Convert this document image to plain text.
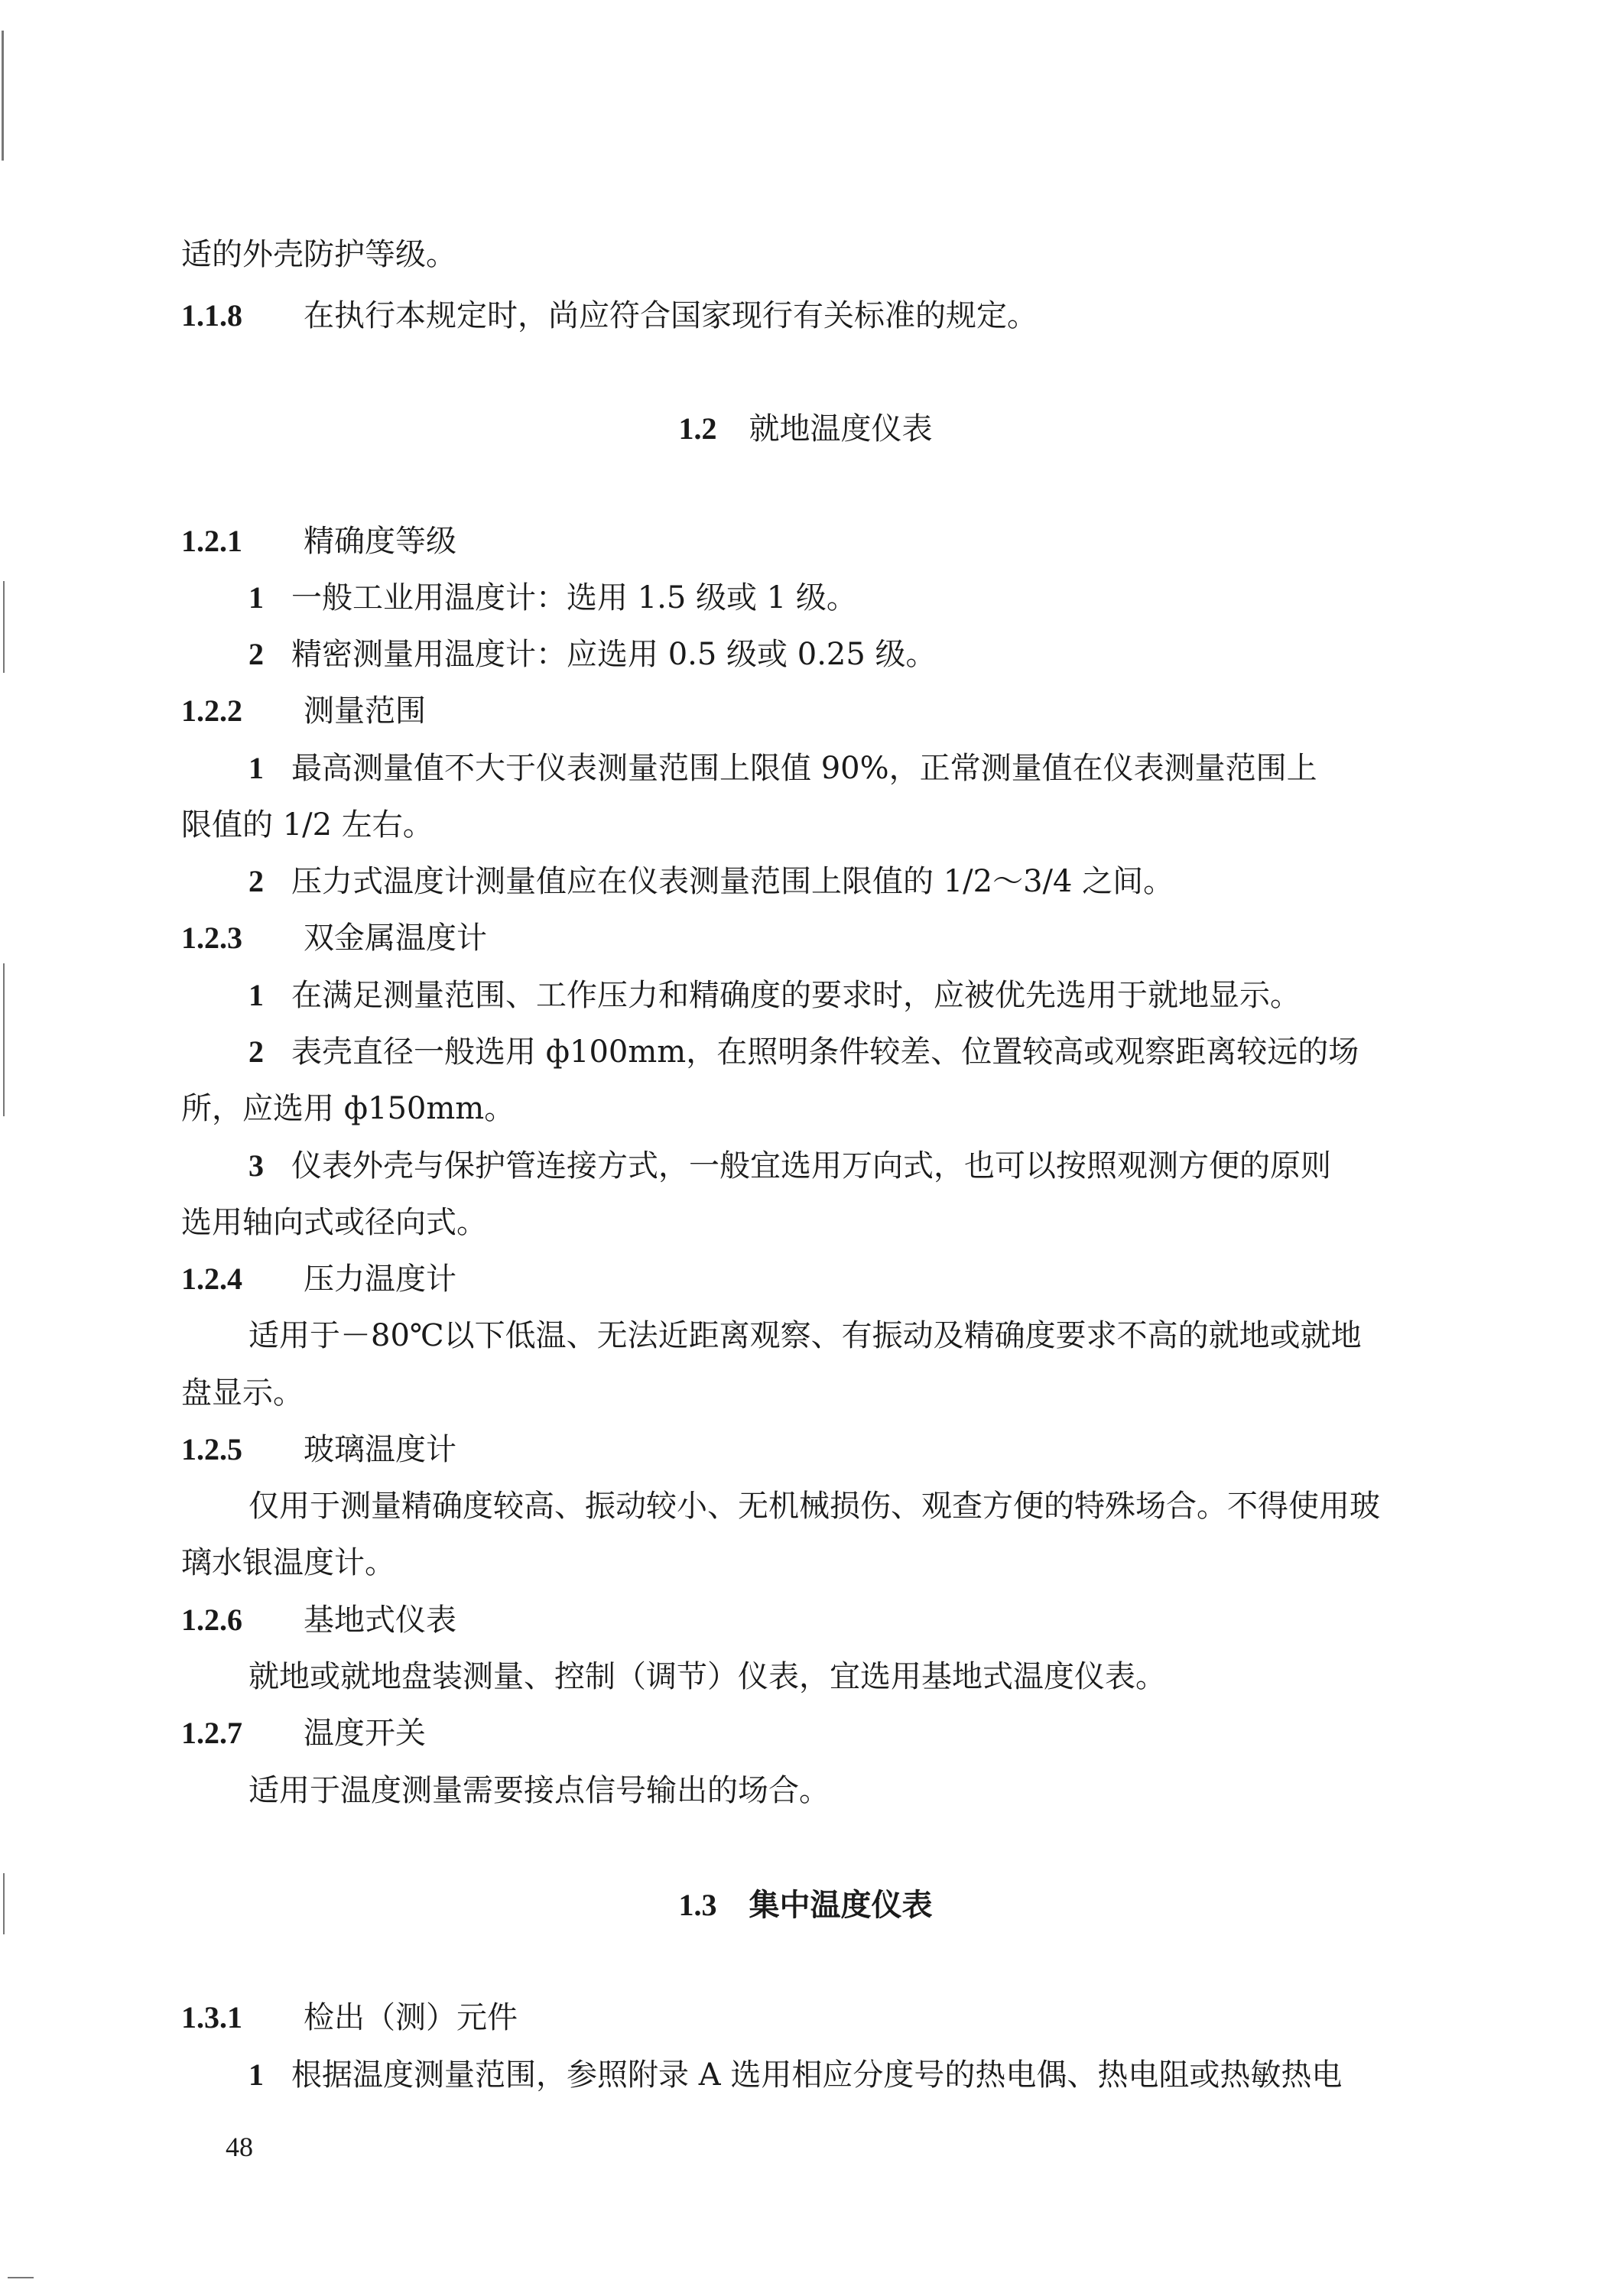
适的外壳防护等级。
1.1.8 在执行本规定时，尚应符合国家现行有关标准的规定。
1.2 就地温度仪表
1.2.1 精确度等级
1 一般工业用温度计：选用 1.5 级或 1 级。
2 精密测量用温度计：应选用 0.5 级或 0.25 级。
1.2.2 测量范围
1 最高测量值不大于仪表测量范围上限值 90%，正常测量值在仪表测量范围上
限值的 1/2 左右。
2 压力式温度计测量值应在仪表测量范围上限值的 1/2～3/4 之间。
1.2.3 双金属温度计
1 在满足测量范围、工作压力和精确度的要求时，应被优先选用于就地显示。
2 表壳直径一般选用 ф100mm，在照明条件较差、位置较高或观察距离较远的场
所，应选用 ф150mm。
3 仪表外壳与保护管连接方式，一般宜选用万向式，也可以按照观测方便的原则
选用轴向式或径向式。
1.2.4 压力温度计
适用于－80℃以下低温、无法近距离观察、有振动及精确度要求不高的就地或就地
盘显示。
1.2.5 玻璃温度计
仅用于测量精确度较高、振动较小、无机械损伤、观查方便的特殊场合。不得使用玻
璃水银温度计。
1.2.6 基地式仪表
就地或就地盘装测量、控制（调节）仪表，宜选用基地式温度仪表。
1.2.7 温度开关
适用于温度测量需要接点信号输出的场合。
1.3 集中温度仪表
1.3.1 检出（测）元件
1 根据温度测量范围，参照附录 A 选用相应分度号的热电偶、热电阻或热敏热电
48
